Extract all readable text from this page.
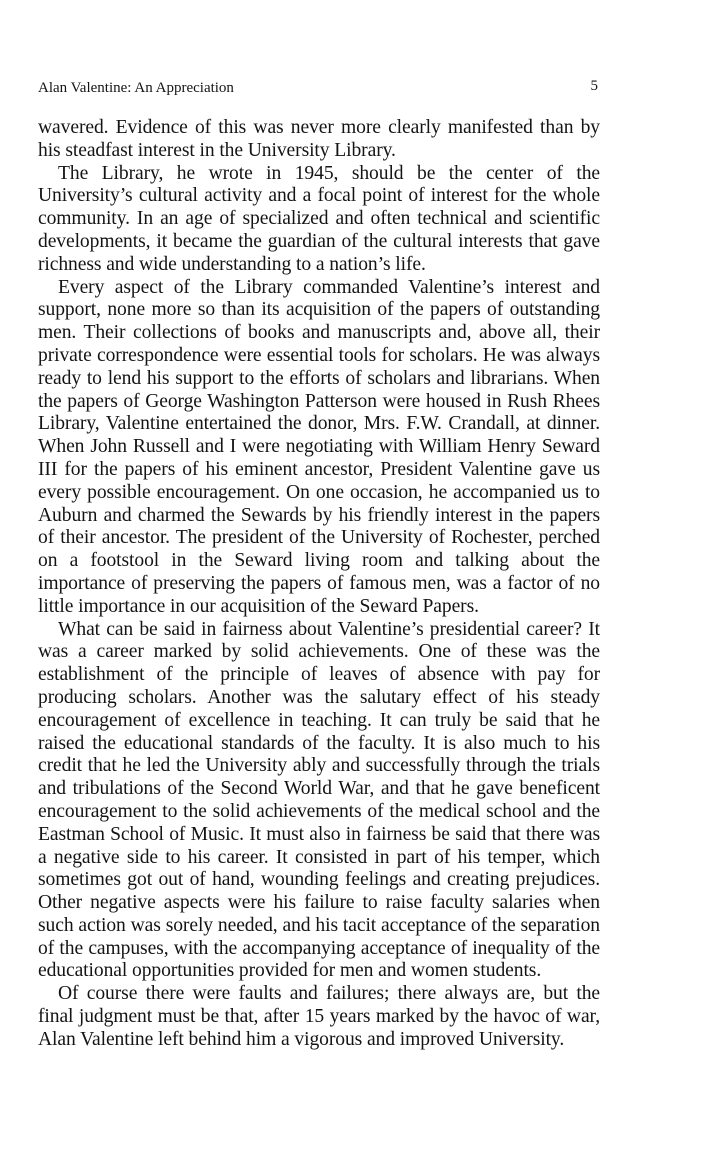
Alan Valentine: An Appreciation	5

wavered. Evidence of this was never more clearly manifested than by his steadfast interest in the University Library.

The Library, he wrote in 1945, should be the center of the University’s cultural activity and a focal point of interest for the whole community. In an age of specialized and often technical and scientific developments, it became the guardian of the cultural interests that gave richness and wide understanding to a nation’s life.

Every aspect of the Library commanded Valentine’s interest and support, none more so than its acquisition of the papers of outstanding men. Their collections of books and manuscripts and, above all, their private correspondence were essential tools for scholars. He was always ready to lend his support to the efforts of scholars and librarians. When the papers of George Washington Patterson were housed in Rush Rhees Library, Valentine entertained the donor, Mrs. F.W. Crandall, at dinner. When John Russell and I were negotiating with William Henry Seward III for the papers of his eminent ancestor, President Valentine gave us every possible encouragement. On one occasion, he accompanied us to Auburn and charmed the Sewards by his friendly interest in the papers of their ancestor. The president of the University of Rochester, perched on a footstool in the Seward living room and talking about the importance of preserving the papers of famous men, was a factor of no little importance in our acquisition of the Seward Papers.

What can be said in fairness about Valentine’s presidential career? It was a career marked by solid achievements. One of these was the establishment of the principle of leaves of absence with pay for producing scholars. Another was the salutary effect of his steady encouragement of excellence in teaching. It can truly be said that he raised the educational standards of the faculty. It is also much to his credit that he led the University ably and successfully through the trials and tribulations of the Second World War, and that he gave beneficent encouragement to the solid achievements of the medical school and the Eastman School of Music. It must also in fairness be said that there was a negative side to his career. It consisted in part of his temper, which sometimes got out of hand, wounding feelings and creating prejudices. Other negative aspects were his failure to raise faculty salaries when such action was sorely needed, and his tacit acceptance of the separation of the campuses, with the accompanying acceptance of inequality of the educational opportunities provided for men and women students.

Of course there were faults and failures; there always are, but the final judgment must be that, after 15 years marked by the havoc of war, Alan Valentine left behind him a vigorous and improved University.
